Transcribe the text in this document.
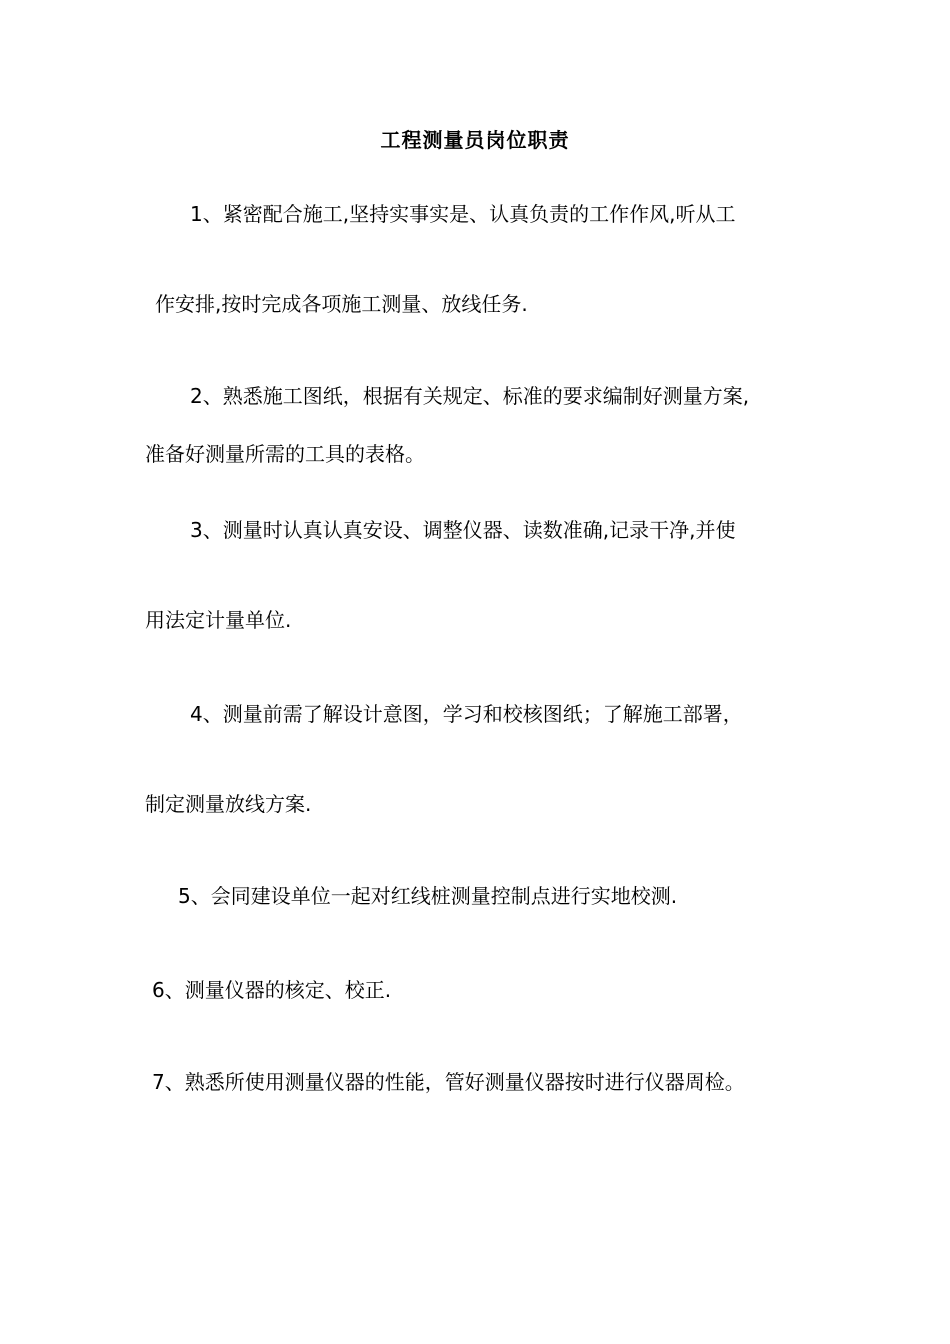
工程测量员岗位职责
1、紧密配合施工,坚持实事实是、认真负责的工作作风,听从工
作安排,按时完成各项施工测量、放线任务.
2、熟悉施工图纸，根据有关规定、标准的要求编制好测量方案,
准备好测量所需的工具的表格。
3、测量时认真认真安设、调整仪器、读数准确,记录干净,并使
用法定计量单位.
4、测量前需了解设计意图，学习和校核图纸；了解施工部署，
制定测量放线方案.
5、会同建设单位一起对红线桩测量控制点进行实地校测.
6、测量仪器的核定、校正.
7、熟悉所使用测量仪器的性能，管好测量仪器按时进行仪器周检。
